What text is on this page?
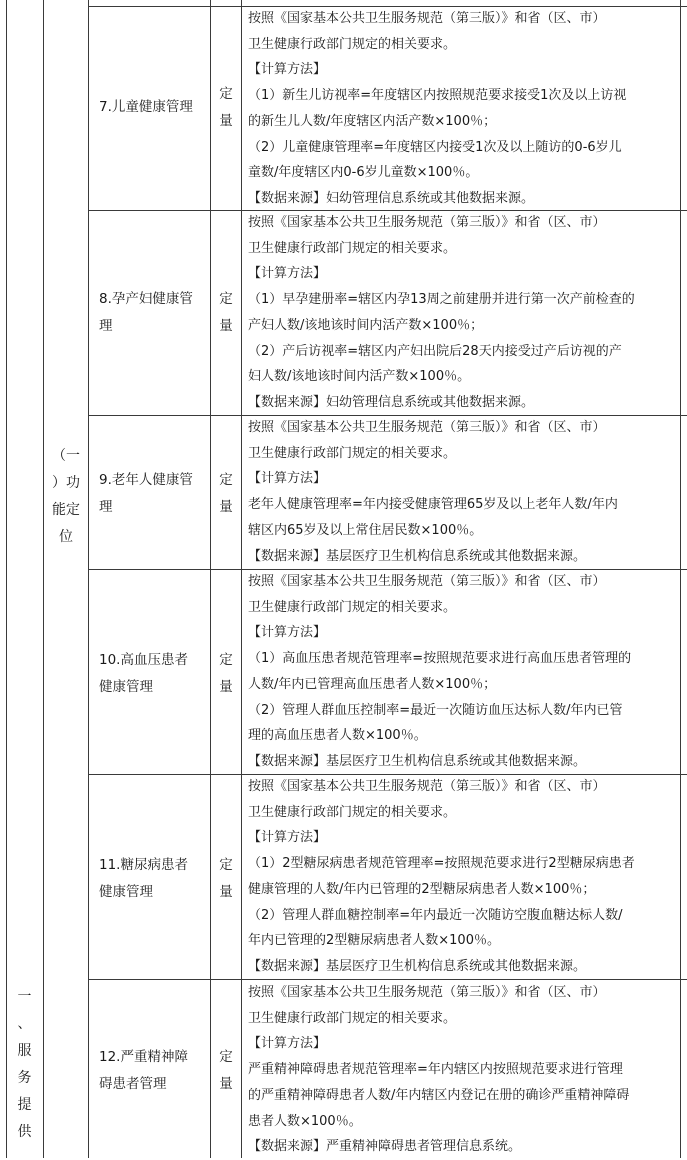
一
、
服
务
提
供
（一
）功
能定
位
7.儿童健康管理
定
量
按照《国家基本公共卫生服务规范（第三版）》和省（区、市）
卫生健康行政部门规定的相关要求。
【计算方法】
（1）新生儿访视率=年度辖区内按照规范要求接受1次及以上访视
的新生儿人数/年度辖区内活产数×100％；
（2）儿童健康管理率=年度辖区内接受1次及以上随访的0-6岁儿
童数/年度辖区内0-6岁儿童数×100％。
【数据来源】妇幼管理信息系统或其他数据来源。
8.孕产妇健康管
理
定
量
按照《国家基本公共卫生服务规范（第三版）》和省（区、市）
卫生健康行政部门规定的相关要求。
【计算方法】
（1）早孕建册率=辖区内孕13周之前建册并进行第一次产前检查的
产妇人数/该地该时间内活产数×100％；
（2）产后访视率=辖区内产妇出院后28天内接受过产后访视的产
妇人数/该地该时间内活产数×100％。
【数据来源】妇幼管理信息系统或其他数据来源。
9.老年人健康管
理
定
量
按照《国家基本公共卫生服务规范（第三版）》和省（区、市）
卫生健康行政部门规定的相关要求。
【计算方法】
老年人健康管理率=年内接受健康管理65岁及以上老年人数/年内
辖区内65岁及以上常住居民数×100％。
【数据来源】基层医疗卫生机构信息系统或其他数据来源。
10.高血压患者
健康管理
定
量
按照《国家基本公共卫生服务规范（第三版）》和省（区、市）
卫生健康行政部门规定的相关要求。
【计算方法】
（1）高血压患者规范管理率=按照规范要求进行高血压患者管理的
人数/年内已管理高血压患者人数×100％；
（2）管理人群血压控制率=最近一次随访血压达标人数/年内已管
理的高血压患者人数×100％。
【数据来源】基层医疗卫生机构信息系统或其他数据来源。
11.糖尿病患者
健康管理
定
量
按照《国家基本公共卫生服务规范（第三版）》和省（区、市）
卫生健康行政部门规定的相关要求。
【计算方法】
（1）2型糖尿病患者规范管理率=按照规范要求进行2型糖尿病患者
健康管理的人数/年内已管理的2型糖尿病患者人数×100％；
（2）管理人群血糖控制率=年内最近一次随访空腹血糖达标人数/
年内已管理的2型糖尿病患者人数×100％。
【数据来源】基层医疗卫生机构信息系统或其他数据来源。
12.严重精神障
碍患者管理
定
量
按照《国家基本公共卫生服务规范（第三版）》和省（区、市）
卫生健康行政部门规定的相关要求。
【计算方法】
严重精神障碍患者规范管理率=年内辖区内按照规范要求进行管理
的严重精神障碍患者人数/年内辖区内登记在册的确诊严重精神障碍
患者人数×100％。
【数据来源】严重精神障碍患者管理信息系统。
